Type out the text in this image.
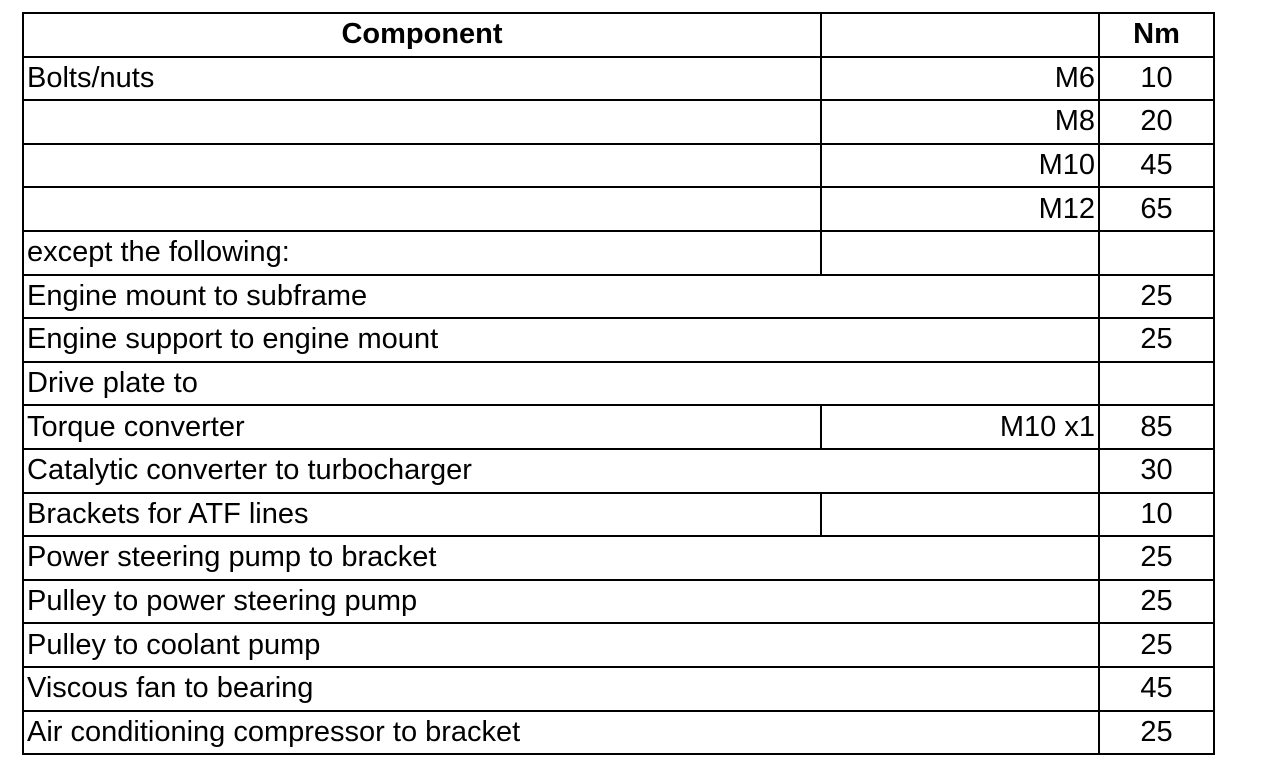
Component		Nm
Bolts/nuts	M6	10
	M8	20
	M10	45
	M12	65
except the following:		
Engine mount to subframe		25
Engine support to engine mount		25
Drive plate to		
Torque converter	M10 x1	85
Catalytic converter to turbocharger		30
Brackets for ATF lines		10
Power steering pump to bracket		25
Pulley to power steering pump		25
Pulley to coolant pump		25
Viscous fan to bearing		45
Air conditioning compressor to bracket		25
